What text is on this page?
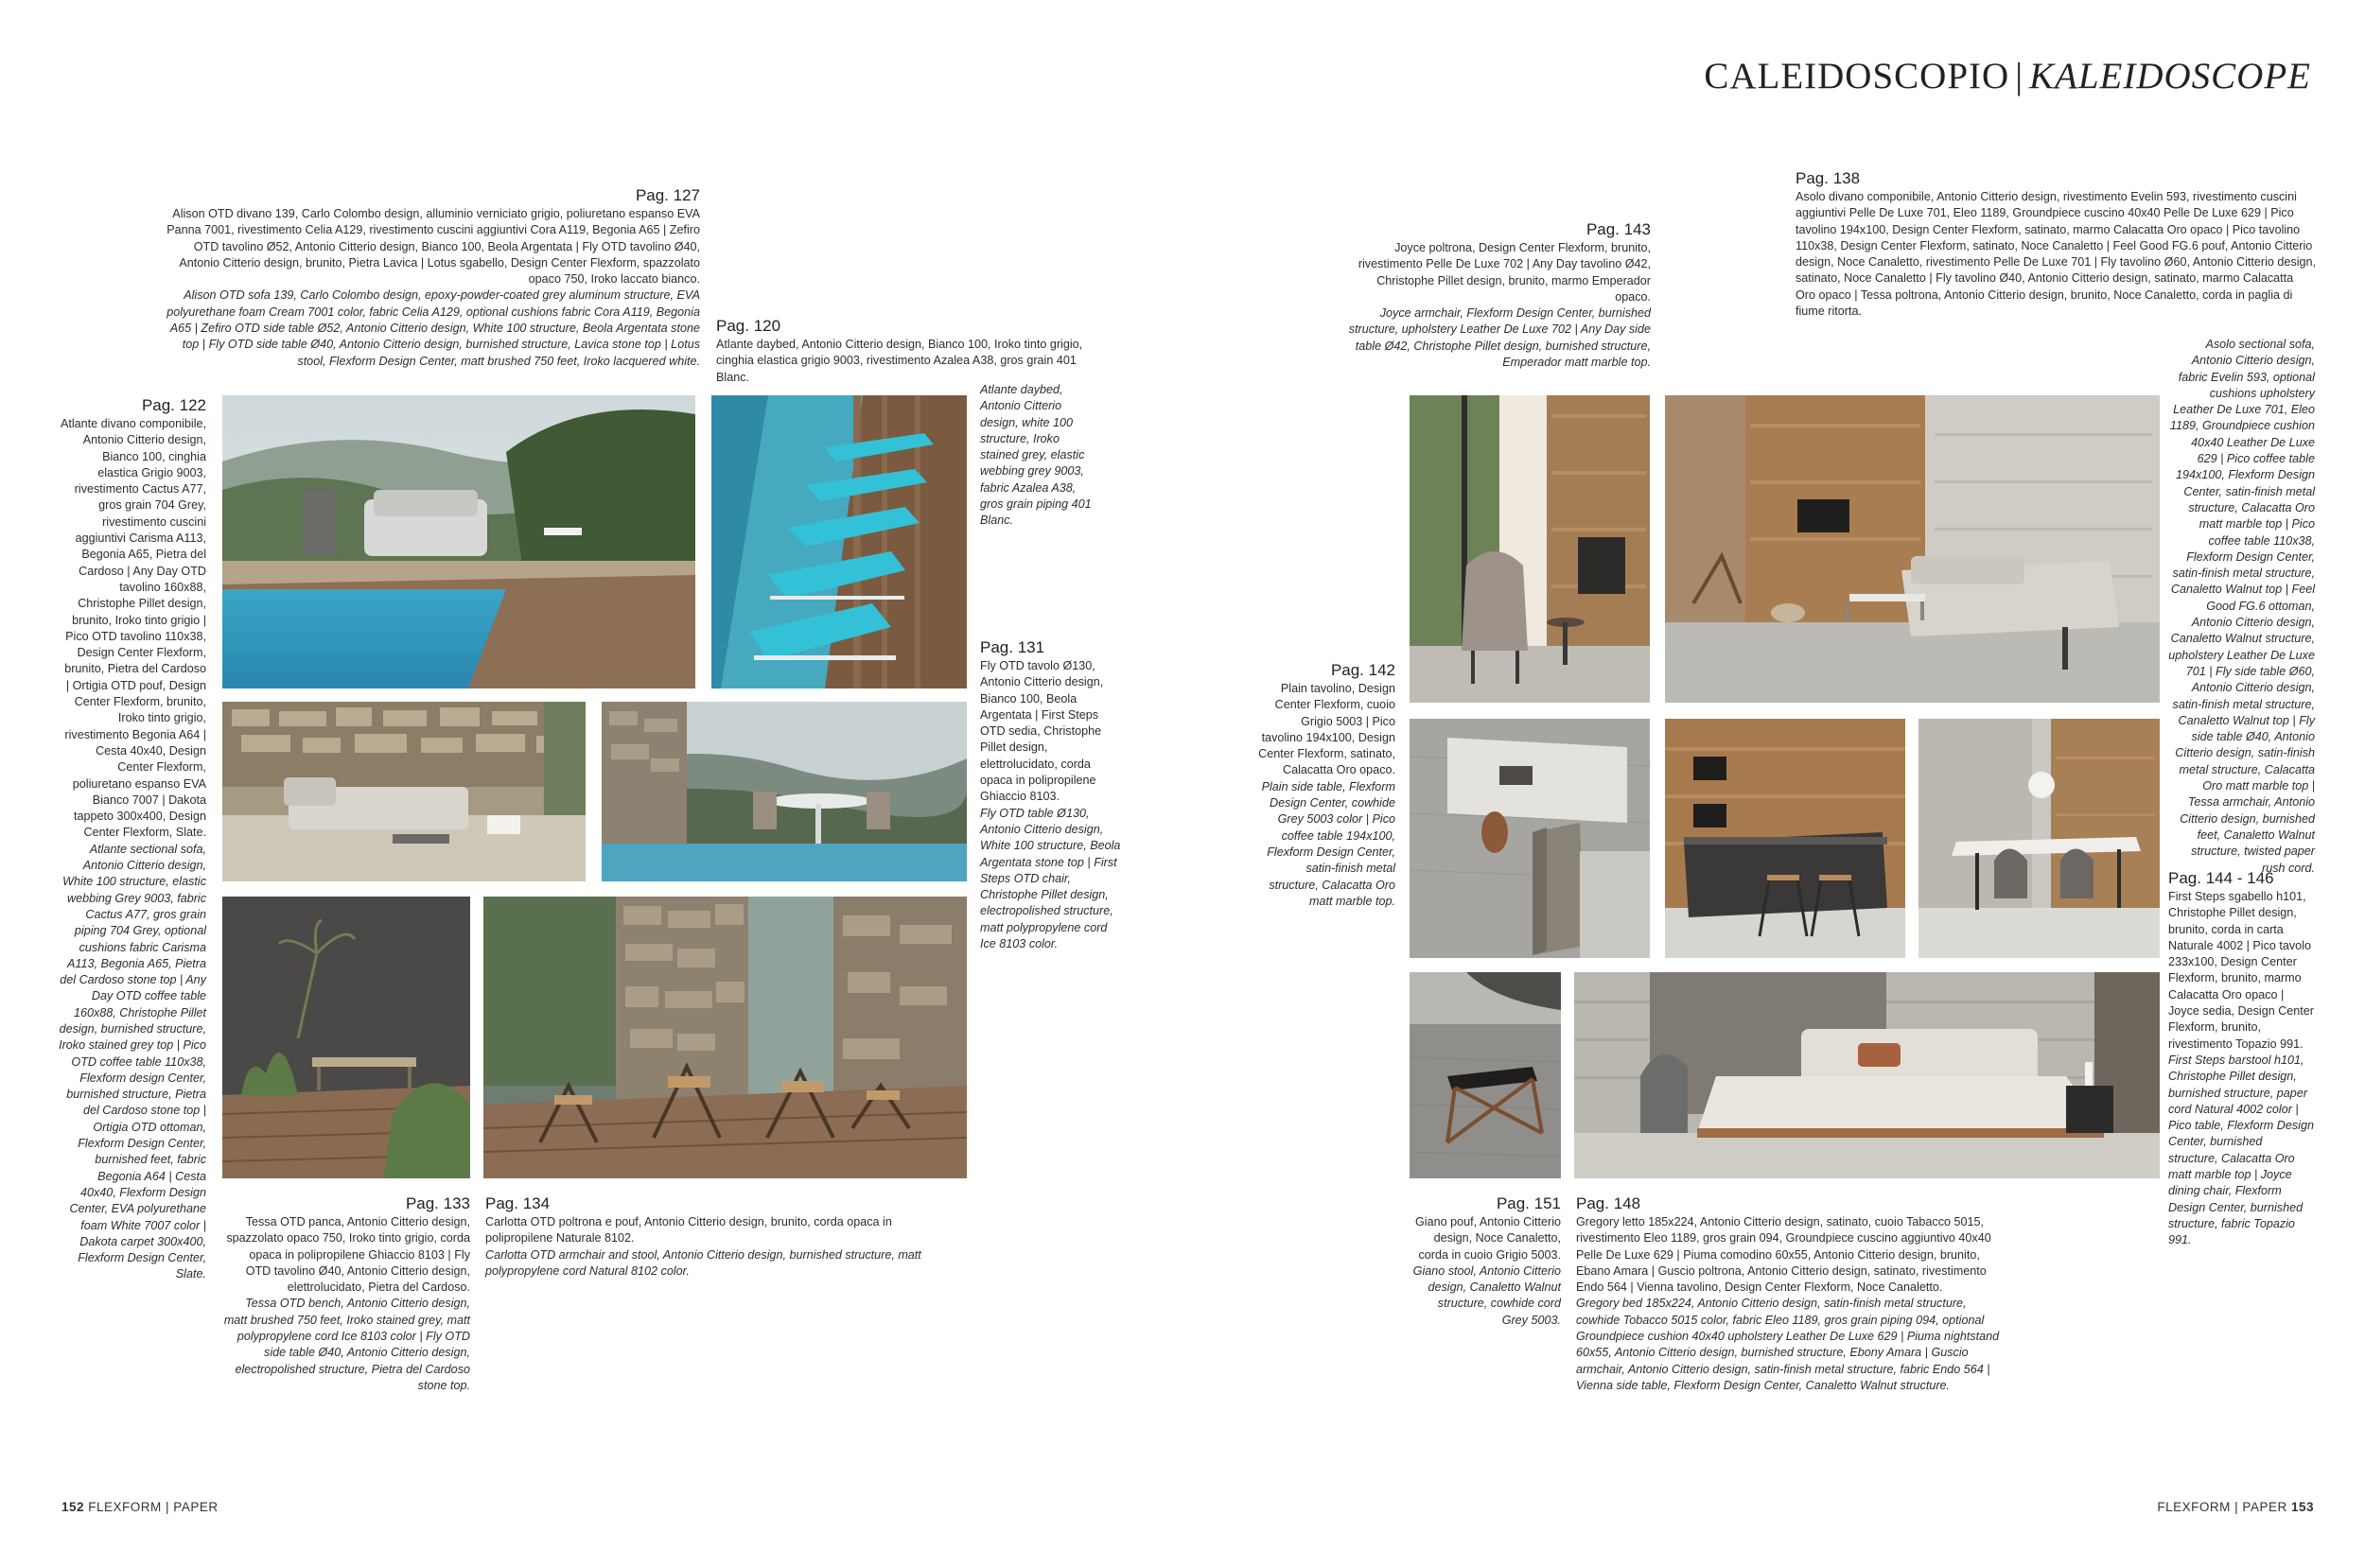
CALEIDOSCOPIO | KALEIDOSCOPE
Pag. 127

Alison OTD divano 139, Carlo Colombo design, alluminio verniciato grigio, poliuretano espanso EVA Panna 7001, rivestimento Celia A129, rivestimento cuscini aggiuntivi Cora A119, Begonia A65 | Zefiro OTD tavolino Ø52, Antonio Citterio design, Bianco 100, Beola Argentata | Fly OTD tavolino Ø40, Antonio Citterio design, brunito, Pietra Lavica | Lotus sgabello, Design Center Flexform, spazzolato opaco 750, Iroko laccato bianco.

Alison OTD sofa 139, Carlo Colombo design, epoxy-powder-coated grey aluminum structure, EVA polyurethane foam Cream 7001 color, fabric Celia A129, optional cushions fabric Cora A119, Begonia A65 | Zefiro OTD side table Ø52, Antonio Citterio design, White 100 structure, Beola Argentata stone top | Fly OTD side table Ø40, Antonio Citterio design, burnished structure, Lavica stone top | Lotus stool, Flexform Design Center, matt brushed 750 feet, Iroko lacquered white.

Pag. 120

Atlante daybed, Antonio Citterio design, Bianco 100, Iroko tinto grigio, cinghia elastica grigio 9003, rivestimento Azalea A38, gros grain 401 Blanc.

Atlante daybed, Antonio Citterio design, white 100 structure, Iroko stained grey, elastic webbing grey 9003, fabric Azalea A38, gros grain piping 401 Blanc.

Pag. 122

Atlante divano componibile, Antonio Citterio design, Bianco 100, cinghia elastica Grigio 9003, rivestimento Cactus A77, gros grain 704 Grey, rivestimento cuscini aggiuntivi Carisma A113, Begonia A65, Pietra del Cardoso | Any Day OTD tavolino 160x88, Christophe Pillet design, brunito, Iroko tinto grigio | Pico OTD tavolino 110x38, Design Center Flexform, brunito, Pietra del Cardoso | Ortigia OTD pouf, Design Center Flexform, brunito, Iroko tinto grigio, rivestimento Begonia A64 | Cesta 40x40, Design Center Flexform, poliuretano espanso EVA Bianco 7007 | Dakota tappeto 300x400, Design Center Flexform, Slate.

Atlante sectional sofa, Antonio Citterio design, White 100 structure, elastic webbing Grey 9003, fabric Cactus A77, gros grain piping 704 Grey, optional cushions fabric Carisma A113, Begonia A65, Pietra del Cardoso stone top | Any Day OTD coffee table 160x88, Christophe Pillet design, burnished structure, Iroko stained grey top | Pico OTD coffee table 110x38, Flexform design Center, burnished structure, Pietra del Cardoso stone top | Ortigia OTD ottoman, Flexform Design Center, burnished feet, fabric Begonia A64 | Cesta 40x40, Flexform Design Center, EVA polyurethane foam White 7007 color | Dakota carpet 300x400, Flexform Design Center, Slate.

Pag. 131

Fly OTD tavolo Ø130, Antonio Citterio design, Bianco 100, Beola Argentata | First Steps OTD sedia, Christophe Pillet design, elettrolucidato, corda opaca in polipropilene Ghiaccio 8103.

Fly OTD table Ø130, Antonio Citterio design, White 100 structure, Beola Argentata stone top | First Steps OTD chair, Christophe Pillet design, electropolished structure, matt polypropylene cord Ice 8103 color.

Pag. 133

Tessa OTD panca, Antonio Citterio design, spazzolato opaco 750, Iroko tinto grigio, corda opaca in polipropilene Ghiaccio 8103 | Fly OTD tavolino Ø40, Antonio Citterio design, elettrolucidato, Pietra del Cardoso.

Tessa OTD bench, Antonio Citterio design, matt brushed 750 feet, Iroko stained grey, matt polypropylene cord Ice 8103 color | Fly OTD side table Ø40, Antonio Citterio design, electropolished structure, Pietra del Cardoso stone top.

Pag. 134

Carlotta OTD poltrona e pouf, Antonio Citterio design, brunito, corda opaca in polipropilene Naturale 8102.

Carlotta OTD armchair and stool, Antonio Citterio design, burnished structure, matt polypropylene cord Natural 8102 color.

Pag. 143

Joyce poltrona, Design Center Flexform, brunito, rivestimento Pelle De Luxe 702 | Any Day tavolino Ø42, Christophe Pillet design, brunito, marmo Emperador opaco.

Joyce armchair, Flexform Design Center, burnished structure, upholstery Leather De Luxe 702 | Any Day side table Ø42, Christophe Pillet design, burnished structure, Emperador matt marble top.

Pag. 138

Asolo divano componibile, Antonio Citterio design, rivestimento Evelin 593, rivestimento cuscini aggiuntivi Pelle De Luxe 701, Eleo 1189, Groundpiece cuscino 40x40 Pelle De Luxe 629 | Pico tavolino 194x100, Design Center Flexform, satinato, marmo Calacatta Oro opaco | Pico tavolino 110x38, Design Center Flexform, satinato, Noce Canaletto | Feel Good FG.6 pouf, Antonio Citterio design, Noce Canaletto, rivestimento Pelle De Luxe 701 | Fly tavolino Ø60, Antonio Citterio design, satinato, Noce Canaletto | Fly tavolino Ø40, Antonio Citterio design, satinato, marmo Calacatta Oro opaco | Tessa poltrona, Antonio Citterio design, brunito, Noce Canaletto, corda in paglia di fiume ritorta.

Asolo sectional sofa, Antonio Citterio design, fabric Evelin 593, optional cushions upholstery Leather De Luxe 701, Eleo 1189, Groundpiece cushion 40x40 Leather De Luxe 629 | Pico coffee table 194x100, Flexform Design Center, satin-finish metal structure, Calacatta Oro matt marble top | Pico coffee table 110x38, Flexform Design Center, satin-finish metal structure, Canaletto Walnut top | Feel Good FG.6 ottoman, Antonio Citterio design, Canaletto Walnut structure, upholstery Leather De Luxe 701 | Fly side table Ø60, Antonio Citterio design, satin-finish metal structure, Canaletto Walnut top | Fly side table Ø40, Antonio Citterio design, satin-finish metal structure, Calacatta Oro matt marble top | Tessa armchair, Antonio Citterio design, burnished feet, Canaletto Walnut structure, twisted paper rush cord.

Pag. 142

Plain tavolino, Design Center Flexform, cuoio Grigio 5003 | Pico tavolino 194x100, Design Center Flexform, satinato, Calacatta Oro opaco.

Plain side table, Flexform Design Center, cowhide Grey 5003 color | Pico coffee table 194x100, Flexform Design Center, satin-finish metal structure, Calacatta Oro matt marble top.

Pag. 151

Giano pouf, Antonio Citterio design, Noce Canaletto, corda in cuoio Grigio 5003.

Giano stool, Antonio Citterio design, Canaletto Walnut structure, cowhide cord Grey 5003.

Pag. 148

Gregory letto 185x224, Antonio Citterio design, satinato, cuoio Tabacco 5015, rivestimento Eleo 1189, gros grain 094, Groundpiece cuscino aggiuntivo 40x40 Pelle De Luxe 629 | Piuma comodino 60x55, Antonio Citterio design, brunito, Ebano Amara | Guscio poltrona, Antonio Citterio design, satinato, rivestimento Endo 564 | Vienna tavolino, Design Center Flexform, Noce Canaletto.

Gregory bed 185x224, Antonio Citterio design, satin-finish metal structure, cowhide Tobacco 5015 color, fabric Eleo 1189, gros grain piping 094, optional Groundpiece cushion 40x40 upholstery Leather De Luxe 629 | Piuma nightstand 60x55, Antonio Citterio design, burnished structure, Ebony Amara | Guscio armchair, Antonio Citterio design, satin-finish metal structure, fabric Endo 564 | Vienna side table, Flexform Design Center, Canaletto Walnut structure.

Pag. 144 - 146

First Steps sgabello h101, Christophe Pillet design, brunito, corda in carta Naturale 4002 | Pico tavolo 233x100, Design Center Flexform, brunito, marmo Calacatta Oro opaco | Joyce sedia, Design Center Flexform, brunito, rivestimento Topazio 991.

First Steps barstool h101, Christophe Pillet design, burnished structure, paper cord Natural 4002 color | Pico table, Flexform Design Center, burnished structure, Calacatta Oro matt marble top | Joyce dining chair, Flexform Design Center, burnished structure, fabric Topazio 991.

152 FLEXFORM | PAPER	FLEXFORM | PAPER 153
